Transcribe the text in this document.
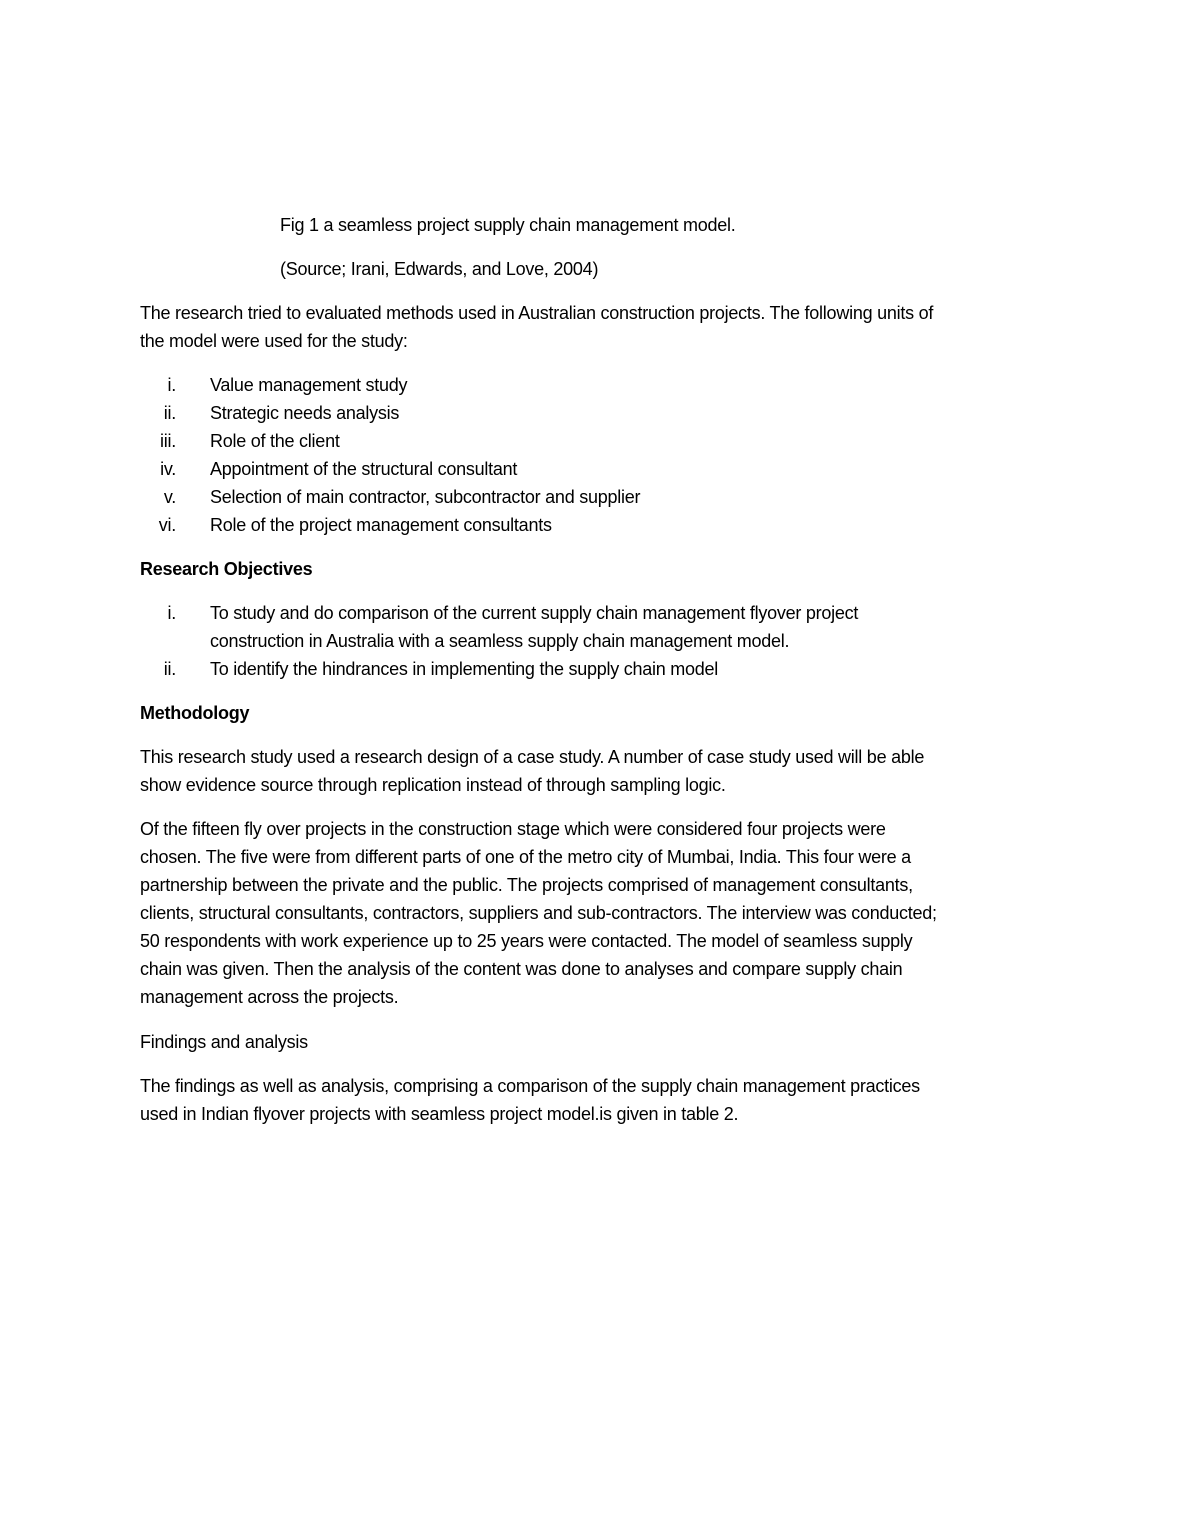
Fig 1 a seamless project supply chain management model.
(Source; Irani, Edwards, and Love, 2004)
The research tried to evaluated methods used in Australian construction projects. The following units of
the model were used for the study:
i. Value management study
ii. Strategic needs analysis
iii. Role of the client
iv. Appointment of the structural consultant
v. Selection of main contractor, subcontractor and supplier
vi. Role of the project management consultants
Research Objectives
i. To study and do comparison of the current supply chain management flyover project
construction in Australia with a seamless supply chain management model.
ii. To identify the hindrances in implementing the supply chain model
Methodology
This research study used a research design of a case study. A number of case study used will be able
show evidence source through replication instead of through sampling logic.
Of the fifteen fly over projects in the construction stage which were considered four projects were
chosen. The five were from different parts of one of the metro city of Mumbai, India. This four were a
partnership between the private and the public. The projects comprised of management consultants,
clients, structural consultants, contractors, suppliers and sub-contractors. The interview was conducted;
50 respondents with work experience up to 25 years were contacted. The model of seamless supply
chain was given. Then the analysis of the content was done to analyses and compare supply chain
management across the projects.
Findings and analysis
The findings as well as analysis, comprising a comparison of the supply chain management practices
used in Indian flyover projects with seamless project model.is given in table 2.
